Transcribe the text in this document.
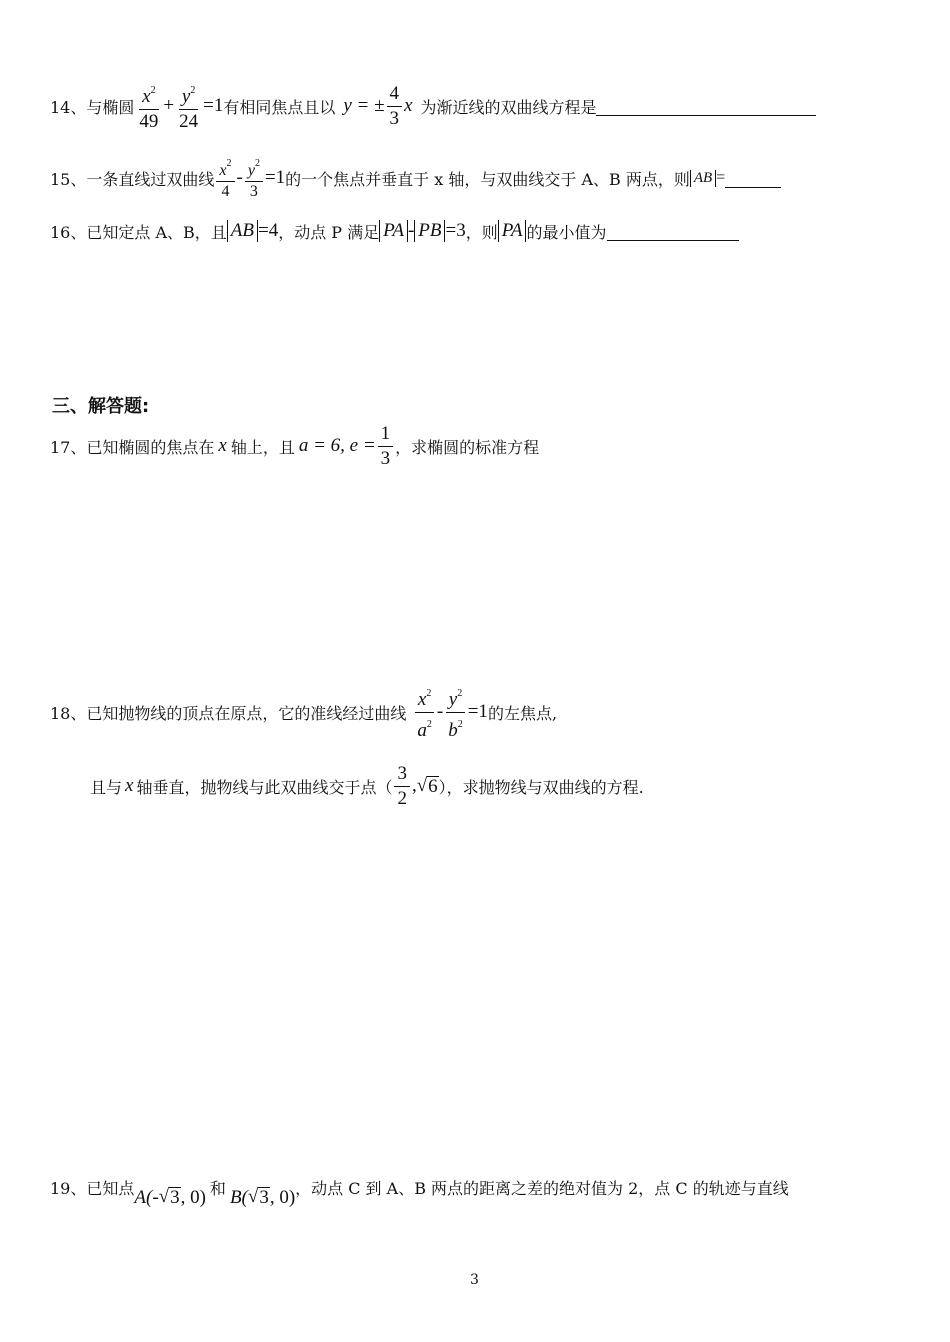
14、 与椭圆 $\frac{x^2}{49} + \frac{y^2}{24} =1$ 有相同焦点且以 y = ± $\frac{4}{3}$ x 为渐近线的双曲线方程是
15、 一条直线过双曲线 $\frac{x^2}{4} - \frac{y^2}{3} =1$ 的一个焦点并垂直于 x 轴，与双曲线交于 A、B 两点，则 AB =
16、 已知定点 A、B，且 AB =4 ，动点 P 满足 PA - PB =3 ，则 PA 的最小值为
三、解答题:
17、 已知椭圆的焦点在 x 轴上，且 a = 6, $e = \frac{1}{3}$ ，求椭圆的标准方程
18、 已知抛物线的顶点在原点，它的准线经过曲线 $\frac{x^2}{a^2} - \frac{y^2}{b^2} =1$ 的左焦点,
且与 x 轴垂直，抛物线与此双曲线交于点（ $\frac{3}{2}$ , √ 6 ），求抛物线与双曲线的方程.
19、 已知点 A(- √ 3 , 0) 和 B( √ 3 , 0) ，动点 C 到 A、B 两点的距离之差的绝对值为 2，点 C 的轨迹与直线
3
